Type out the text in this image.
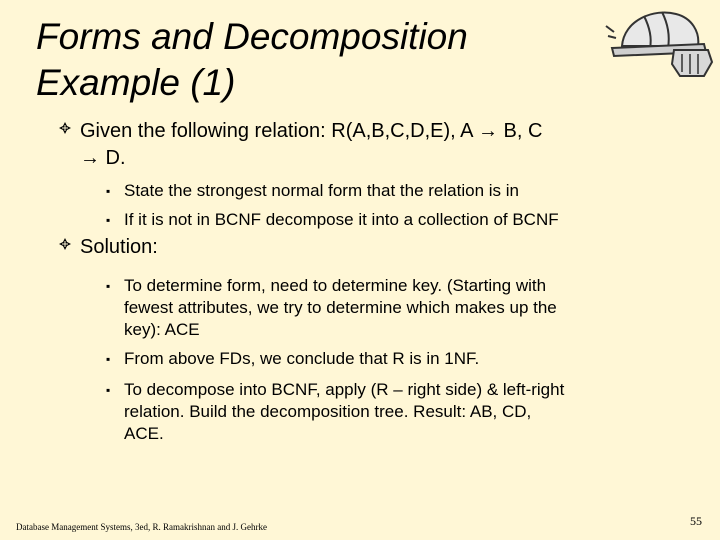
Forms and Decomposition
Example (1)
Given the following relation: R(A,B,C,D,E), A → B, C
→ D.
▪ State the strongest normal form that the relation is in
▪ If it is not in BCNF decompose it into a collection of BCNF
Solution:
▪ To determine form, need to determine key. (Starting with
fewest attributes, we try to determine which makes up the
key): ACE
▪ From above FDs, we conclude that R is in 1NF.
▪ To decompose into BCNF, apply (R – right side) & left-right
relation. Build the decomposition tree. Result: AB, CD,
ACE.
Database Management Systems, 3ed, R. Ramakrishnan and J. Gehrke	55
